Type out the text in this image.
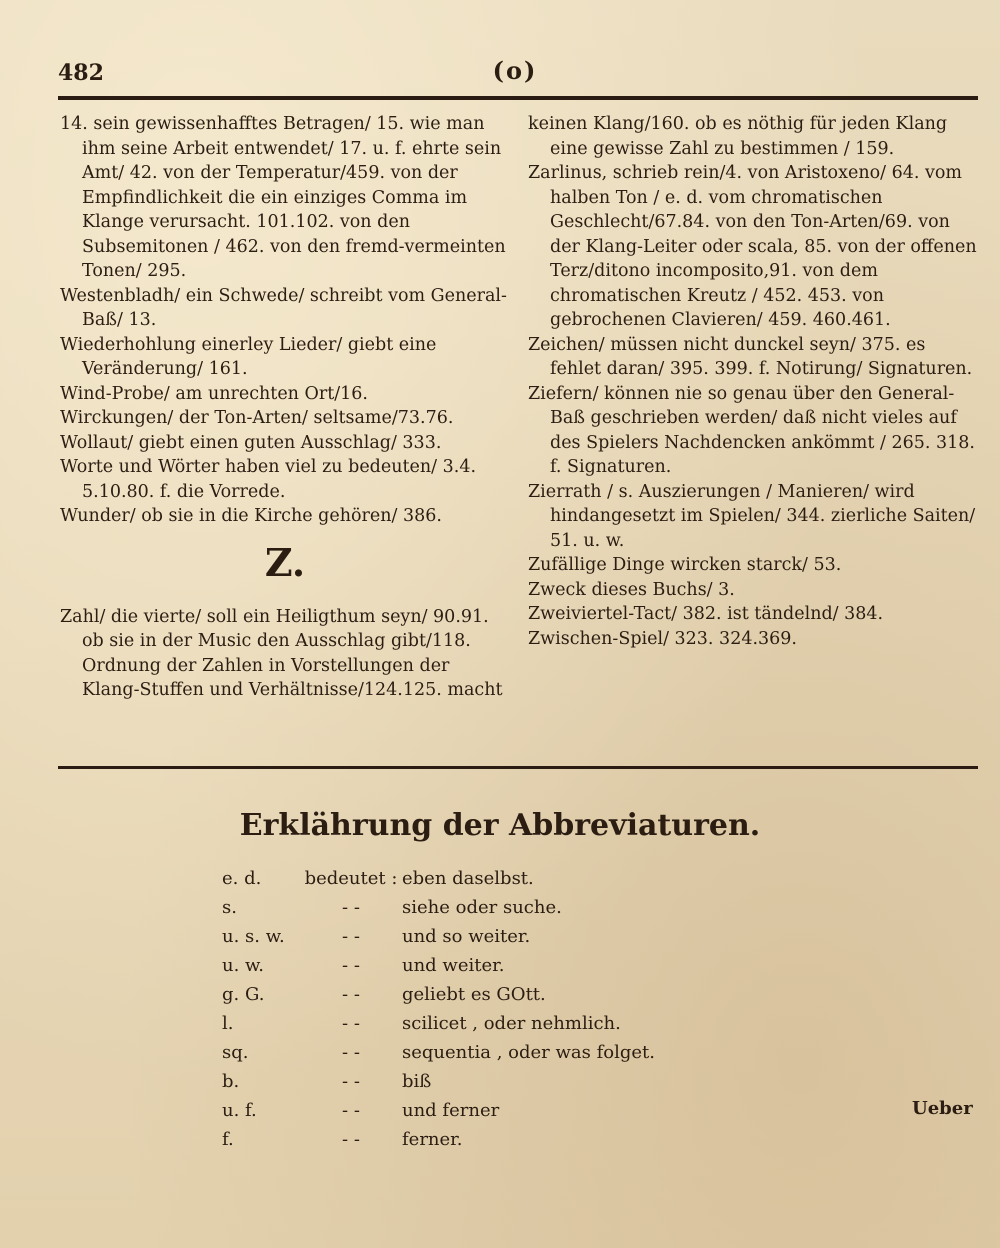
482	(o)

14. sein gewissenhafftes Betragen/ 15. wie man ihm seine Arbeit entwendet/ 17. u. f. ehrte sein Amt/ 42. von der Temperatur/459. von der Empfindlichkeit die ein einziges Comma im Klange verursacht. 101.102. von den Subsemitonen / 462. von den fremd-vermeinten Tonen/ 295.

Westenbladh/ ein Schwede/ schreibt vom General-Baß/ 13.

Wiederhohlung einerley Lieder/ giebt eine Veränderung/ 161.

Wind-Probe/ am unrechten Ort/16.

Wirckungen/ der Ton-Arten/ seltsame/73.76.

Wollaut/ giebt einen guten Ausschlag/ 333.

Worte und Wörter haben viel zu bedeuten/ 3.4. 5.10.80. f. die Vorrede.

Wunder/ ob sie in die Kirche gehören/ 386.

Z.

Zahl/ die vierte/ soll ein Heiligthum seyn/ 90.91. ob sie in der Music den Ausschlag gibt/118. Ordnung der Zahlen in Vorstellungen der Klang-Stuffen und Verhältnisse/124.125. macht

keinen Klang/160. ob es nöthig für jeden Klang eine gewisse Zahl zu bestimmen / 159.

Zarlinus, schrieb rein/4. von Aristoxeno/ 64. vom halben Ton / e. d. vom chromatischen Geschlecht/67.84. von den Ton-Arten/69. von der Klang-Leiter oder scala, 85. von der offenen Terz/ditono incomposito,91. von dem chromatischen Kreutz / 452. 453. von gebrochenen Clavieren/ 459. 460.461.

Zeichen/ müssen nicht dunckel seyn/ 375. es fehlet daran/ 395. 399. f. Notirung/ Signaturen.

Ziefern/ können nie so genau über den General-Baß geschrieben werden/ daß nicht vieles auf des Spielers Nachdencken ankömmt / 265. 318. f. Signaturen.

Zierrath / s. Auszierungen / Manieren/ wird hindangesetzt im Spielen/ 344. zierliche Saiten/ 51. u. w.

Zufällige Dinge wircken starck/ 53.

Zweck dieses Buchs/ 3.

Zweiviertel-Tact/ 382. ist tändelnd/ 384.

Zwischen-Spiel/ 323. 324.369.

Erklährung der Abbreviaturen.
e. d.	bedeutet :	eben daselbst.
s.	- -	siehe oder suche.
u. s. w.	- -	und so weiter.
u. w.	- -	und weiter.
g. G.	- -	geliebt es GOtt.
l.	- -	scilicet , oder nehmlich.
sq.	- -	sequentia , oder was folget.
b.	- -	biß
u. f.	- -	und ferner
f.	- -	ferner.
Ueber
